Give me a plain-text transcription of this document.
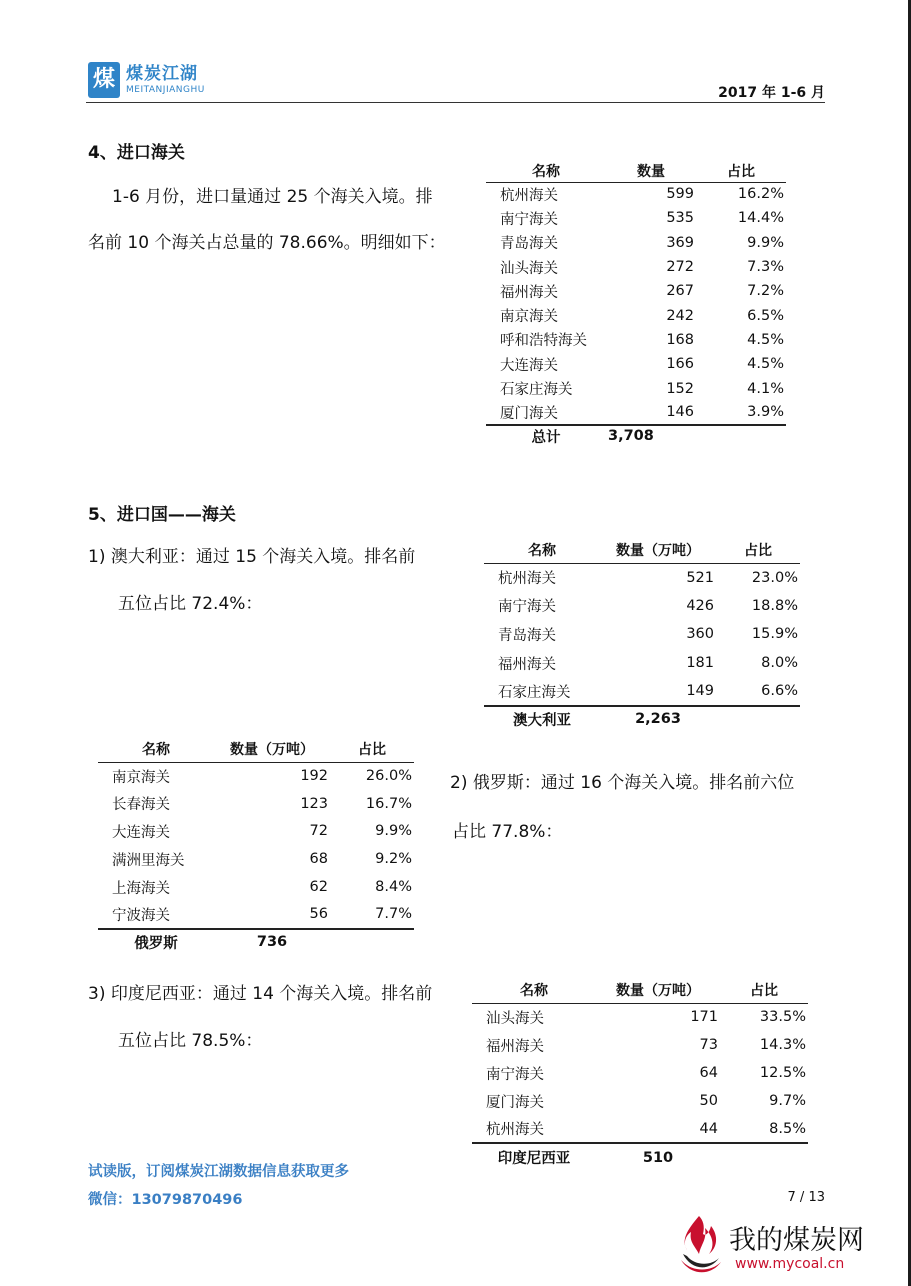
煤 煤炭江湖
MEITANJIANGHU	2017 年 1-6 月
4、进口海关
1-6 月份，进口量通过 25 个海关入境。排
名前 10 个海关占总量的 78.66%。明细如下：
名称	数量	占比
杭州海关	599	16.2%
南宁海关	535	14.4%
青岛海关	369	9.9%
汕头海关	272	7.3%
福州海关	267	7.2%
南京海关	242	6.5%
呼和浩特海关	168	4.5%
大连海关	166	4.5%
石家庄海关	152	4.1%
厦门海关	146	3.9%
总计	3,708	
5、进口国——海关
1) 澳大利亚：通过 15 个海关入境。排名前
五位占比 72.4%：
名称	数量（万吨）	占比
杭州海关	521	23.0%
南宁海关	426	18.8%
青岛海关	360	15.9%
福州海关	181	8.0%
石家庄海关	149	6.6%
澳大利亚	2,263	
名称	数量（万吨）	占比
南京海关	192	26.0%
长春海关	123	16.7%
大连海关	72	9.9%
满洲里海关	68	9.2%
上海海关	62	8.4%
宁波海关	56	7.7%
俄罗斯	736	
2) 俄罗斯：通过 16 个海关入境。排名前六位
占比 77.8%：
3) 印度尼西亚：通过 14 个海关入境。排名前
五位占比 78.5%：
名称	数量（万吨）	占比
汕头海关	171	33.5%
福州海关	73	14.3%
南宁海关	64	12.5%
厦门海关	50	9.7%
杭州海关	44	8.5%
印度尼西亚	510	
试读版，订阅煤炭江湖数据信息获取更多
微信：13079870496	7 / 13
我的煤炭网
www.mycoal.cn
